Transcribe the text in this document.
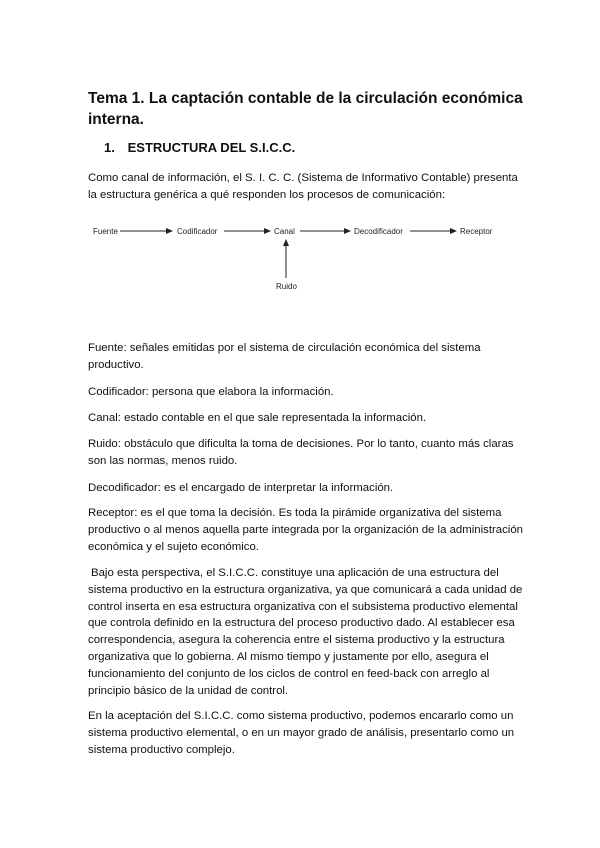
Tema 1. La captación contable de la circulación económica interna.
1. ESTRUCTURA DEL S.I.C.C.
Como canal de información, el S. I. C. C. (Sistema de Informativo Contable) presenta la estructura genérica a qué responden los procesos de comunicación:
Fuente	Codificador	Canal	Decodificador	Receptor
Ruido
Fuente: señales emitidas por el sistema de circulación económica del sistema productivo.
Codificador: persona que elabora la información.
Canal: estado contable en el que sale representada la información.
Ruido: obstáculo que dificulta la toma de decisiones. Por lo tanto, cuanto más claras son las normas, menos ruido.
Decodificador: es el encargado de interpretar la información.
Receptor: es el que toma la decisión. Es toda la pirámide organizativa del sistema productivo o al menos aquella parte integrada por la organización de la administración económica y el sujeto económico.
Bajo esta perspectiva, el S.I.C.C. constituye una aplicación de una estructura del sistema productivo en la estructura organizativa, ya que comunicará a cada unidad de control inserta en esa estructura organizativa con el subsistema productivo elemental que controla definido en la estructura del proceso productivo dado. Al establecer esa correspondencia, asegura la coherencia entre el sistema productivo y la estructura organizativa que lo gobierna. Al mismo tiempo y justamente por ello, asegura el funcionamiento del conjunto de los ciclos de control en feed-back con arreglo al principio básico de la unidad de control.
En la aceptación del S.I.C.C. como sistema productivo, podemos encararlo como un sistema productivo elemental, o en un mayor grado de análisis, presentarlo como un sistema productivo complejo.
